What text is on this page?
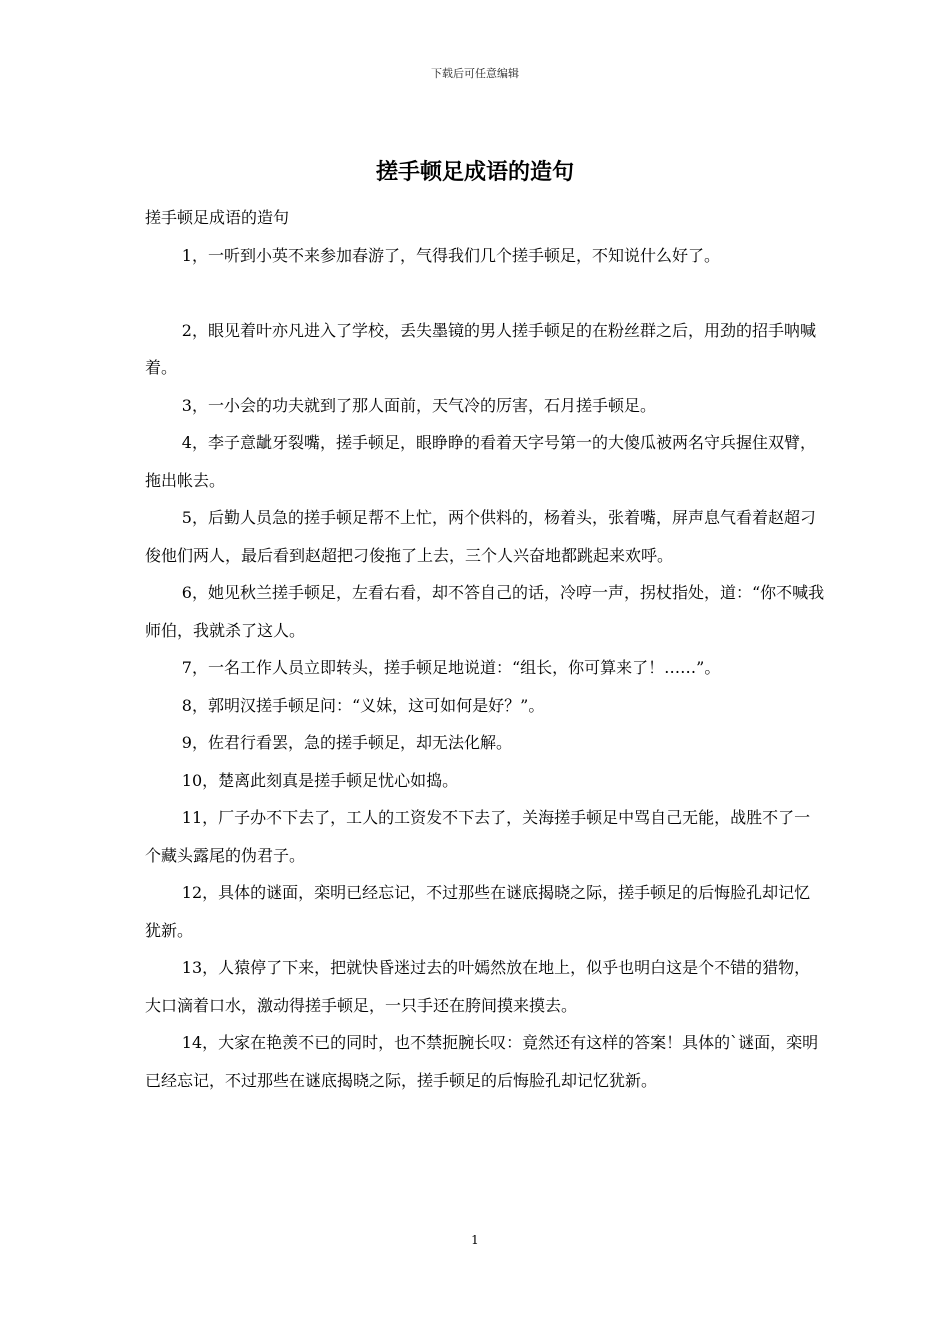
下载后可任意编辑
搓手顿足成语的造句

搓手顿足成语的造句

1，一听到小英不来参加春游了，气得我们几个搓手顿足，不知说什么好了。

2，眼见着叶亦凡进入了学校，丢失墨镜的男人搓手顿足的在粉丝群之后，用劲的招手呐喊着。

3，一小会的功夫就到了那人面前，天气冷的厉害，石月搓手顿足。

4，李子意龇牙裂嘴，搓手顿足，眼睁睁的看着天字号第一的大傻瓜被两名守兵握住双臂，拖出帐去。

5，后勤人员急的搓手顿足帮不上忙，两个供料的，杨着头，张着嘴，屏声息气看着赵超刁俊他们两人，最后看到赵超把刁俊拖了上去，三个人兴奋地都跳起来欢呼。

6，她见秋兰搓手顿足，左看右看，却不答自己的话，冷哼一声，拐杖指处，道：“你不喊我师伯，我就杀了这人。

7，一名工作人员立即转头，搓手顿足地说道：“组长，你可算来了！……”。

8，郭明汉搓手顿足问：“义妹，这可如何是好？”。

9，佐君行看罢，急的搓手顿足，却无法化解。

10，楚离此刻真是搓手顿足忧心如捣。

11，厂子办不下去了，工人的工资发不下去了，关海搓手顿足中骂自己无能，战胜不了一个藏头露尾的伪君子。

12，具体的谜面，栾明已经忘记，不过那些在谜底揭晓之际，搓手顿足的后悔脸孔却记忆犹新。

13，人猿停了下来，把就快昏迷过去的叶嫣然放在地上，似乎也明白这是个不错的猎物，大口滴着口水，激动得搓手顿足，一只手还在胯间摸来摸去。

14，大家在艳羡不已的同时，也不禁扼腕长叹：竟然还有这样的答案！具体的`谜面，栾明已经忘记，不过那些在谜底揭晓之际，搓手顿足的后悔脸孔却记忆犹新。

1
